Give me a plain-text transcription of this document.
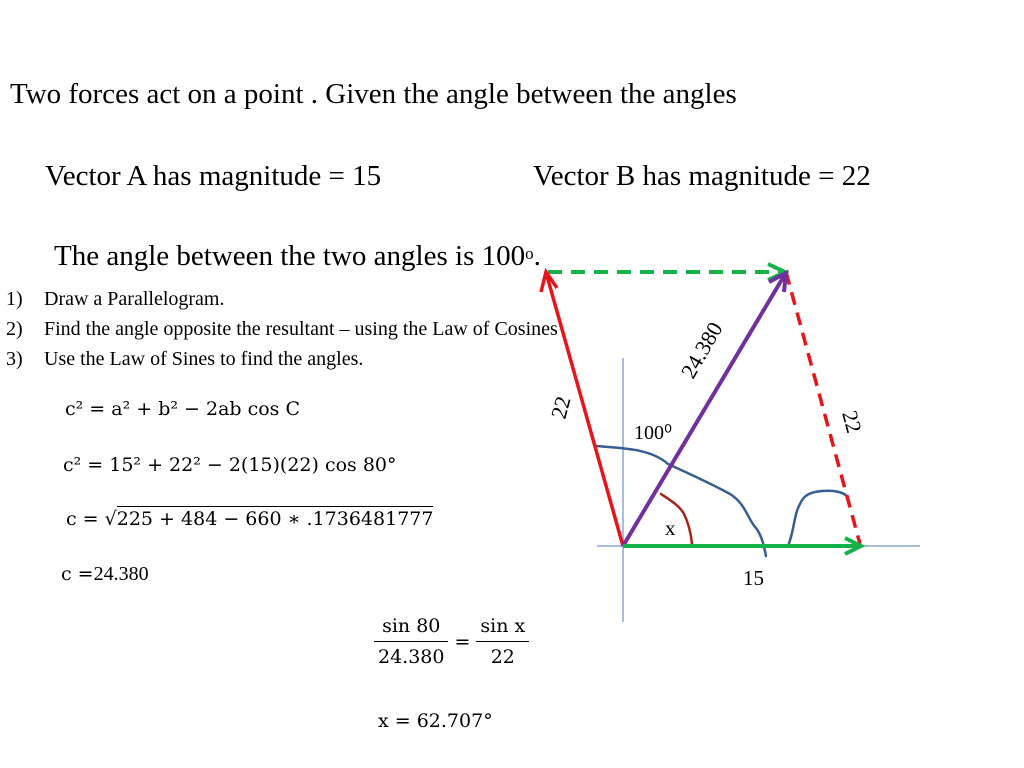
Two forces act on a point . Given the angle between the angles
Vector A has magnitude = 15	Vector B has magnitude = 22
The angle between the two angles is 100$^o$.
1) Draw a Parallelogram.
2) Find the angle opposite the resultant – using the Law of Cosines
3) Use the Law of Sines to find the angles.
c² = a² + b² − 2ab cos C
c² = 15² + 22² − 2(15)(22) cos 80°
c = √225 + 484 − 660 ∗ .1736481777
c =24.380
$\frac{\sin 80}{24.380} = \frac{\text{sin x}}{22}$
x = 62.707°
22
22
24.380
15
100⁰
x
